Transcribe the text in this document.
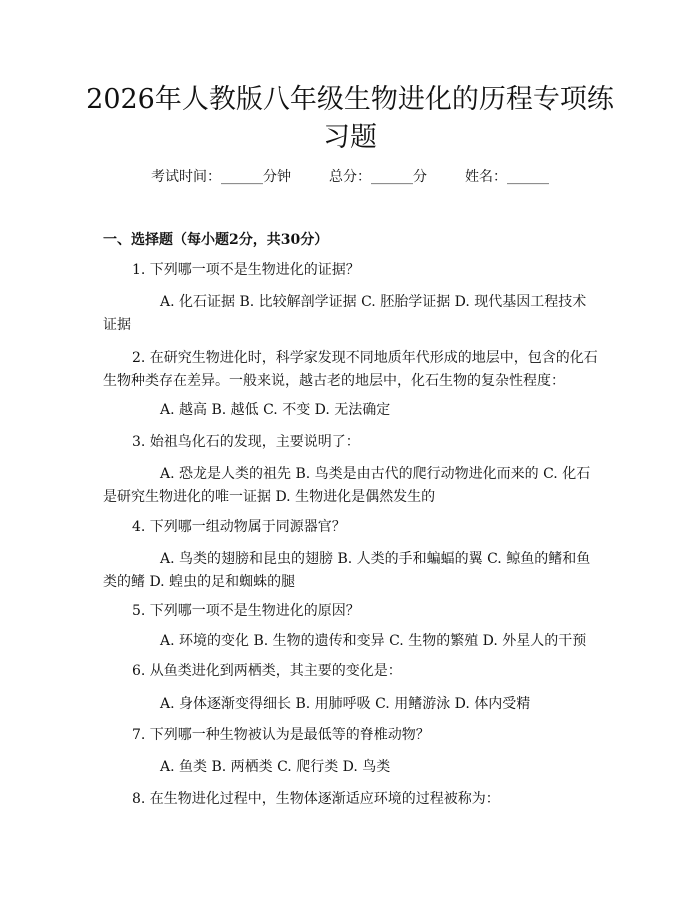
2026年人教版八年级生物进化的历程专项练
习题
考试时间：______分钟	总分：______分	姓名：______
一、选择题（每小题2分，共30分）
1. 下列哪一项不是生物进化的证据？
A. 化石证据 B. 比较解剖学证据 C. 胚胎学证据 D. 现代基因工程技术
证据
2. 在研究生物进化时，科学家发现不同地质年代形成的地层中，包含的化石
生物种类存在差异。一般来说，越古老的地层中，化石生物的复杂性程度：
A. 越高 B. 越低 C. 不变 D. 无法确定
3. 始祖鸟化石的发现，主要说明了：
A. 恐龙是人类的祖先 B. 鸟类是由古代的爬行动物进化而来的 C. 化石
是研究生物进化的唯一证据 D. 生物进化是偶然发生的
4. 下列哪一组动物属于同源器官？
A. 鸟类的翅膀和昆虫的翅膀 B. 人类的手和蝙蝠的翼 C. 鲸鱼的鳍和鱼
类的鳍 D. 蝗虫的足和蜘蛛的腿
5. 下列哪一项不是生物进化的原因？
A. 环境的变化 B. 生物的遗传和变异 C. 生物的繁殖 D. 外星人的干预
6. 从鱼类进化到两栖类，其主要的变化是：
A. 身体逐渐变得细长 B. 用肺呼吸 C. 用鳍游泳 D. 体内受精
7. 下列哪一种生物被认为是最低等的脊椎动物？
A. 鱼类 B. 两栖类 C. 爬行类 D. 鸟类
8. 在生物进化过程中，生物体逐渐适应环境的过程被称为：
